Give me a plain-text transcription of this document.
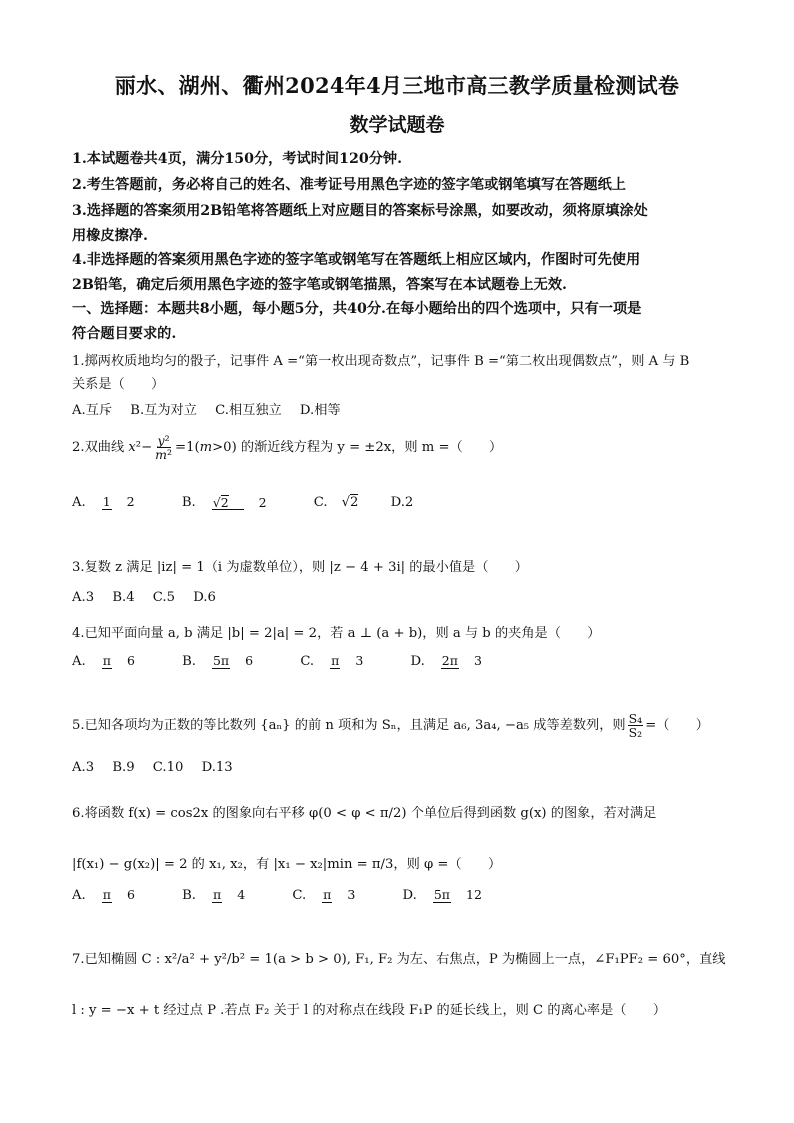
丽水、湖州、衢州2024年4月三地市高三教学质量检测试卷
数学试题卷
1.本试题卷共4页，满分150分，考试时间120分钟.
2.考生答题前，务必将自己的姓名、准考证号用黑色字迹的签字笔或钢笔填写在答题纸上
3.选择题的答案须用2B铅笔将答题纸上对应题目的答案标号涂黑，如要改动，须将原填涂处
用橡皮擦净.
4.非选择题的答案须用黑色字迹的签字笔或钢笔写在答题纸上相应区域内，作图时可先使用
2B铅笔，确定后须用黑色字迹的签字笔或钢笔描黑，答案写在本试题卷上无效.
一、选择题：本题共8小题，每小题5分，共40分.在每小题给出的四个选项中，只有一项是
符合题目要求的.
1.掷两枚质地均匀的骰子，记事件 A =“第一枚出现奇数点”，记事件 B =“第二枚出现偶数点”，则 A 与 B
关系是（　　）
A.互斥 B.互为对立 C.相互独立 D.相等
2.双曲线 $x^2- \frac{\text{y²}}{\text{m²}} =1(m>0)$ 的渐近线方程为 y = ±2x，则 m =（　　）
A. 1 2	B. √2 2	C. √2 D.2
3.复数 z 满足 |iz| = 1（i 为虚数单位），则 |z − 4 + 3i| 的最小值是（　　）
A.3 B.4 C.5 D.6
4.已知平面向量 a, b 满足 |b| = 2|a| = 2，若 a ⊥ (a + b)，则 a 与 b 的夹角是（　　）
A. π 6	B. 5π 6	C. π 3	D. 2π 3
5.已知各项均为正数的等比数列 {aₙ} 的前 n 项和为 Sₙ，且满足 a₆, 3a₄, −a₅ 成等差数列，则 $\frac{\text{S₄}}{\text{S₂}}$ =（　　）
A.3 B.9 C.10 D.13
6.将函数 f(x) = cos2x 的图象向右平移 φ(0 < φ < π/2) 个单位后得到函数 g(x) 的图象，若对满足
|f(x₁) − g(x₂)| = 2 的 x₁, x₂，有 |x₁ − x₂|min = π/3，则 φ =（　　）
A. π 6	B. π 4	C. π 3	D. 5π 12
7.已知椭圆 C : x²/a² + y²/b² = 1(a > b > 0), F₁, F₂ 为左、右焦点，P 为椭圆上一点，∠F₁PF₂ = 60°，直线
l : y = −x + t 经过点 P .若点 F₂ 关于 l 的对称点在线段 F₁P 的延长线上，则 C 的离心率是（　　）
